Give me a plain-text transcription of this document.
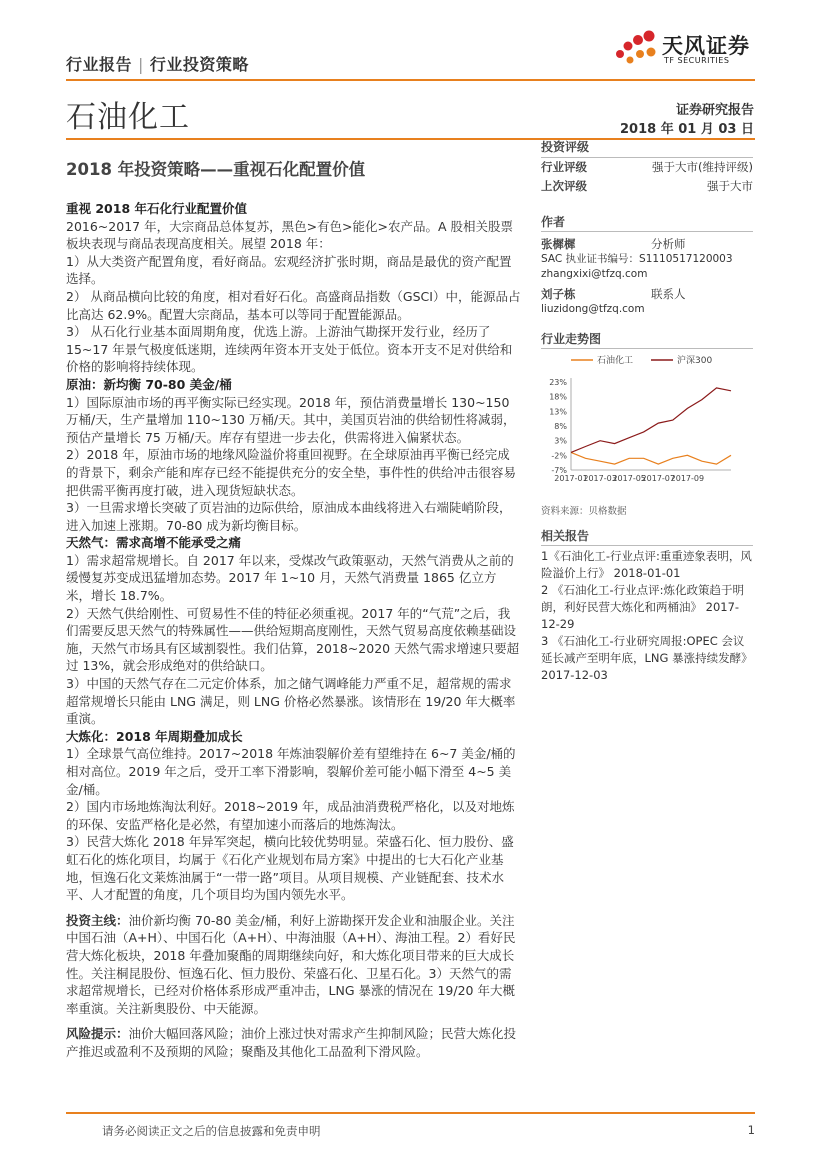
行业报告 | 行业投资策略
天风证券
TF SECURITIES
石油化工	证券研究报告
2018 年 01 月 03 日
2018 年投资策略——重视石化配置价值

重视 2018 年石化行业配置价值

2016~2017 年，大宗商品总体复苏，黑色>有色>能化>农产品。A 股相关股票板块表现与商品表现高度相关。展望 2018 年：

1）从大类资产配置角度，看好商品。宏观经济扩张时期，商品是最优的资产配置选择。

2） 从商品横向比较的角度，相对看好石化。高盛商品指数（GSCI）中，能源品占比高达 62.9%。配置大宗商品，基本可以等同于配置能源品。

3） 从石化行业基本面周期角度，优选上游。上游油气勘探开发行业，经历了 15~17 年景气极度低迷期，连续两年资本开支处于低位。资本开支不足对供给和价格的影响将持续体现。

原油：新均衡 70-80 美金/桶

1）国际原油市场的再平衡实际已经实现。2018 年，预估消费量增长 130~150 万桶/天，生产量增加 110~130 万桶/天。其中，美国页岩油的供给韧性将减弱，预估产量增长 75 万桶/天。库存有望进一步去化，供需将进入偏紧状态。

2）2018 年，原油市场的地缘风险溢价将重回视野。在全球原油再平衡已经完成的背景下，剩余产能和库存已经不能提供充分的安全垫，事件性的供给冲击很容易把供需平衡再度打破，进入现货短缺状态。

3）一旦需求增长突破了页岩油的边际供给，原油成本曲线将进入右端陡峭阶段，进入加速上涨期。70-80 成为新均衡目标。

天然气：需求高增不能承受之痛

1）需求超常规增长。自 2017 年以来，受煤改气政策驱动，天然气消费从之前的缓慢复苏变成迅猛增加态势。2017 年 1~10 月，天然气消费量 1865 亿立方米，增长 18.7%。

2）天然气供给刚性、可贸易性不佳的特征必须重视。2017 年的“气荒”之后，我们需要反思天然气的特殊属性——供给短期高度刚性，天然气贸易高度依赖基础设施，天然气市场具有区域割裂性。我们估算，2018~2020 天然气需求增速只要超过 13%，就会形成绝对的供给缺口。

3）中国的天然气存在二元定价体系，加之储气调峰能力严重不足，超常规的需求超常规增长只能由 LNG 满足，则 LNG 价格必然暴涨。该情形在 19/20 年大概率重演。

大炼化：2018 年周期叠加成长

1）全球景气高位维持。2017~2018 年炼油裂解价差有望维持在 6~7 美金/桶的相对高位。2019 年之后，受开工率下滑影响，裂解价差可能小幅下滑至 4~5 美金/桶。

2）国内市场地炼淘汰利好。2018~2019 年，成品油消费税严格化，以及对地炼的环保、安监严格化是必然，有望加速小而落后的地炼淘汰。

3）民营大炼化 2018 年异军突起，横向比较优势明显。荣盛石化、恒力股份、盛虹石化的炼化项目，均属于《石化产业规划布局方案》中提出的七大石化产业基地，恒逸石化文莱炼油属于“一带一路”项目。从项目规模、产业链配套、技术水平、人才配置的角度，几个项目均为国内领先水平。

投资主线：油价新均衡 70-80 美金/桶，利好上游勘探开发企业和油服企业。关注中国石油（A+H）、中国石化（A+H）、中海油服（A+H）、海油工程。2）看好民营大炼化板块，2018 年叠加聚酯的周期继续向好，和大炼化项目带来的巨大成长性。关注桐昆股份、恒逸石化、恒力股份、荣盛石化、卫星石化。3）天然气的需求超常规增长，已经对价格体系形成严重冲击，LNG 暴涨的情况在 19/20 年大概率重演。关注新奥股份、中天能源。

风险提示：油价大幅回落风险；油价上涨过快对需求产生抑制风险；民营大炼化投产推迟或盈利不及预期的风险；聚酯及其他化工品盈利下滑风险。

投资评级
行业评级	强于大市(维持评级)
上次评级	强于大市
作者
张樨樨	分析师
SAC 执业证书编号：S1110517120003
zhangxixi@tfzq.com
刘子栋	联系人
liuzidong@tfzq.com
行业走势图
石油化工	沪深300
23%
18%
13%
8%
3%
-2%
-7%
2017-01
2017-03
2017-05
2017-07
2017-09
资料来源：贝格数据
相关报告
1《石油化工-行业点评:重重迹象表明，风险溢价上行》 2018-01-01
2 《石油化工-行业点评:炼化政策趋于明朗，利好民营大炼化和两桶油》 2017-12-29
3 《石油化工-行业研究周报:OPEC 会议延长减产至明年底，LNG 暴涨持续发酵》 2017-12-03
请务必阅读正文之后的信息披露和免责申明	1
